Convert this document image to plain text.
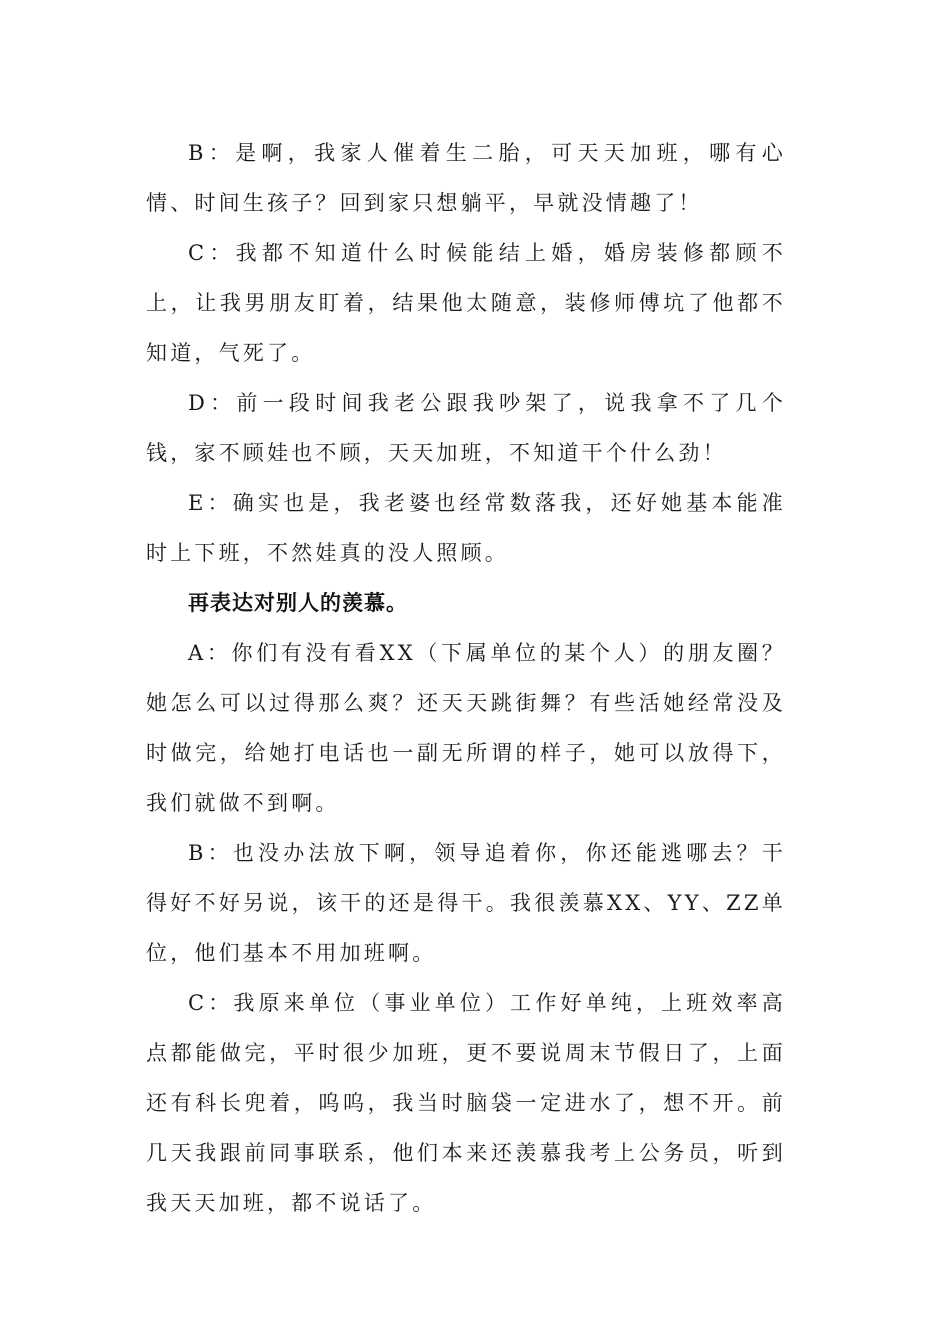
B：是啊，我家人催着生二胎，可天天加班，哪有心情、时间生孩子？回到家只想躺平，早就没情趣了！

C：我都不知道什么时候能结上婚，婚房装修都顾不上，让我男朋友盯着，结果他太随意，装修师傅坑了他都不知道，气死了。

D：前一段时间我老公跟我吵架了，说我拿不了几个钱，家不顾娃也不顾，天天加班，不知道干个什么劲！

E：确实也是，我老婆也经常数落我，还好她基本能准时上下班，不然娃真的没人照顾。

再表达对别人的羡慕。

A：你们有没有看XX（下属单位的某个人）的朋友圈？她怎么可以过得那么爽？还天天跳街舞？有些活她经常没及时做完，给她打电话也一副无所谓的样子，她可以放得下，我们就做不到啊。

B：也没办法放下啊，领导追着你，你还能逃哪去？干得好不好另说，该干的还是得干。我很羡慕XX、YY、ZZ单位，他们基本不用加班啊。

C：我原来单位（事业单位）工作好单纯，上班效率高点都能做完，平时很少加班，更不要说周末节假日了，上面还有科长兜着，呜呜，我当时脑袋一定进水了，想不开。前几天我跟前同事联系，他们本来还羡慕我考上公务员，听到我天天加班，都不说话了。
